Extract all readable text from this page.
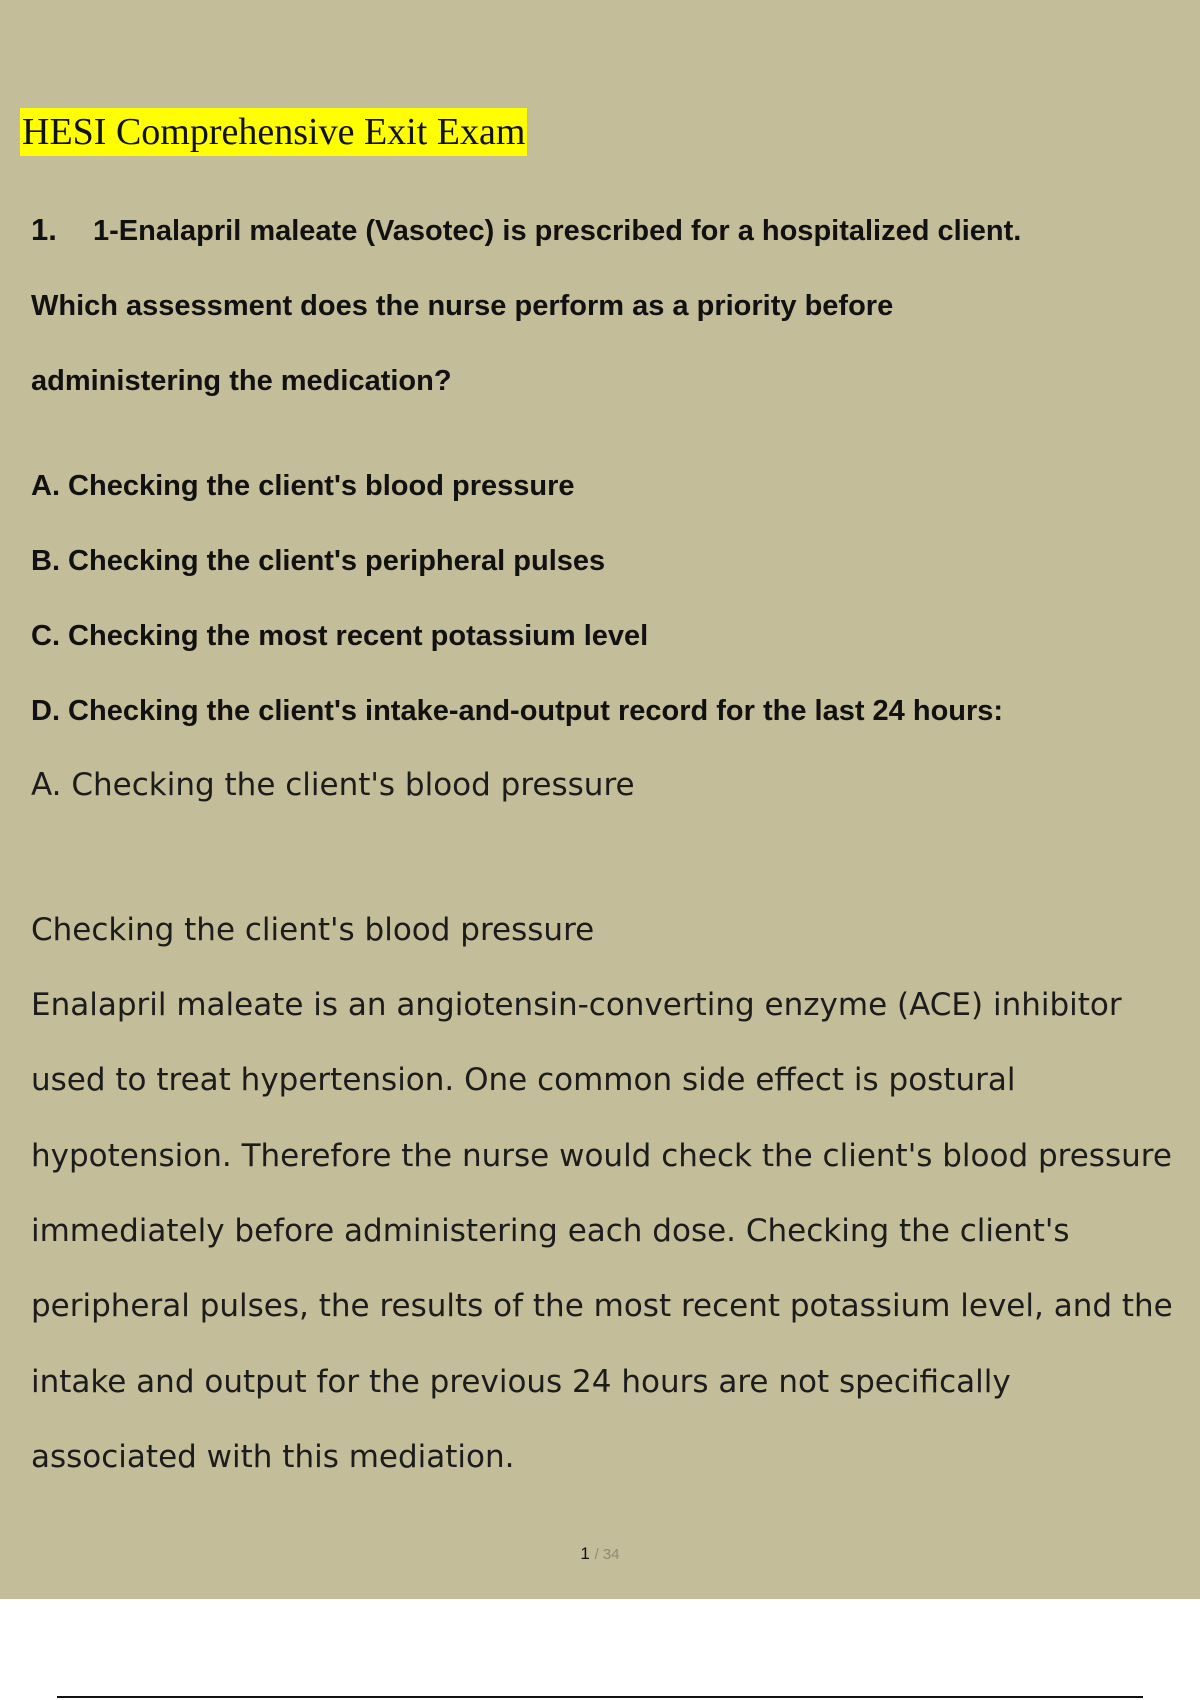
HESI Comprehensive Exit Exam
1. 1-Enalapril maleate (Vasotec) is prescribed for a hospitalized client.
Which assessment does the nurse perform as a priority before
administering the medication?
A. Checking the client's blood pressure
B. Checking the client's peripheral pulses
C. Checking the most recent potassium level
D. Checking the client's intake-and-output record for the last 24 hours:
A. Checking the client's blood pressure
Checking the client's blood pressure
Enalapril maleate is an angiotensin-converting enzyme (ACE) inhibitor
used to treat hypertension. One common side effect is postural
hypotension. Therefore the nurse would check the client's blood pressure
immediately before administering each dose. Checking the client's
peripheral pulses, the results of the most recent potassium level, and the
intake and output for the previous 24 hours are not specifically
associated with this mediation.
1 / 34
